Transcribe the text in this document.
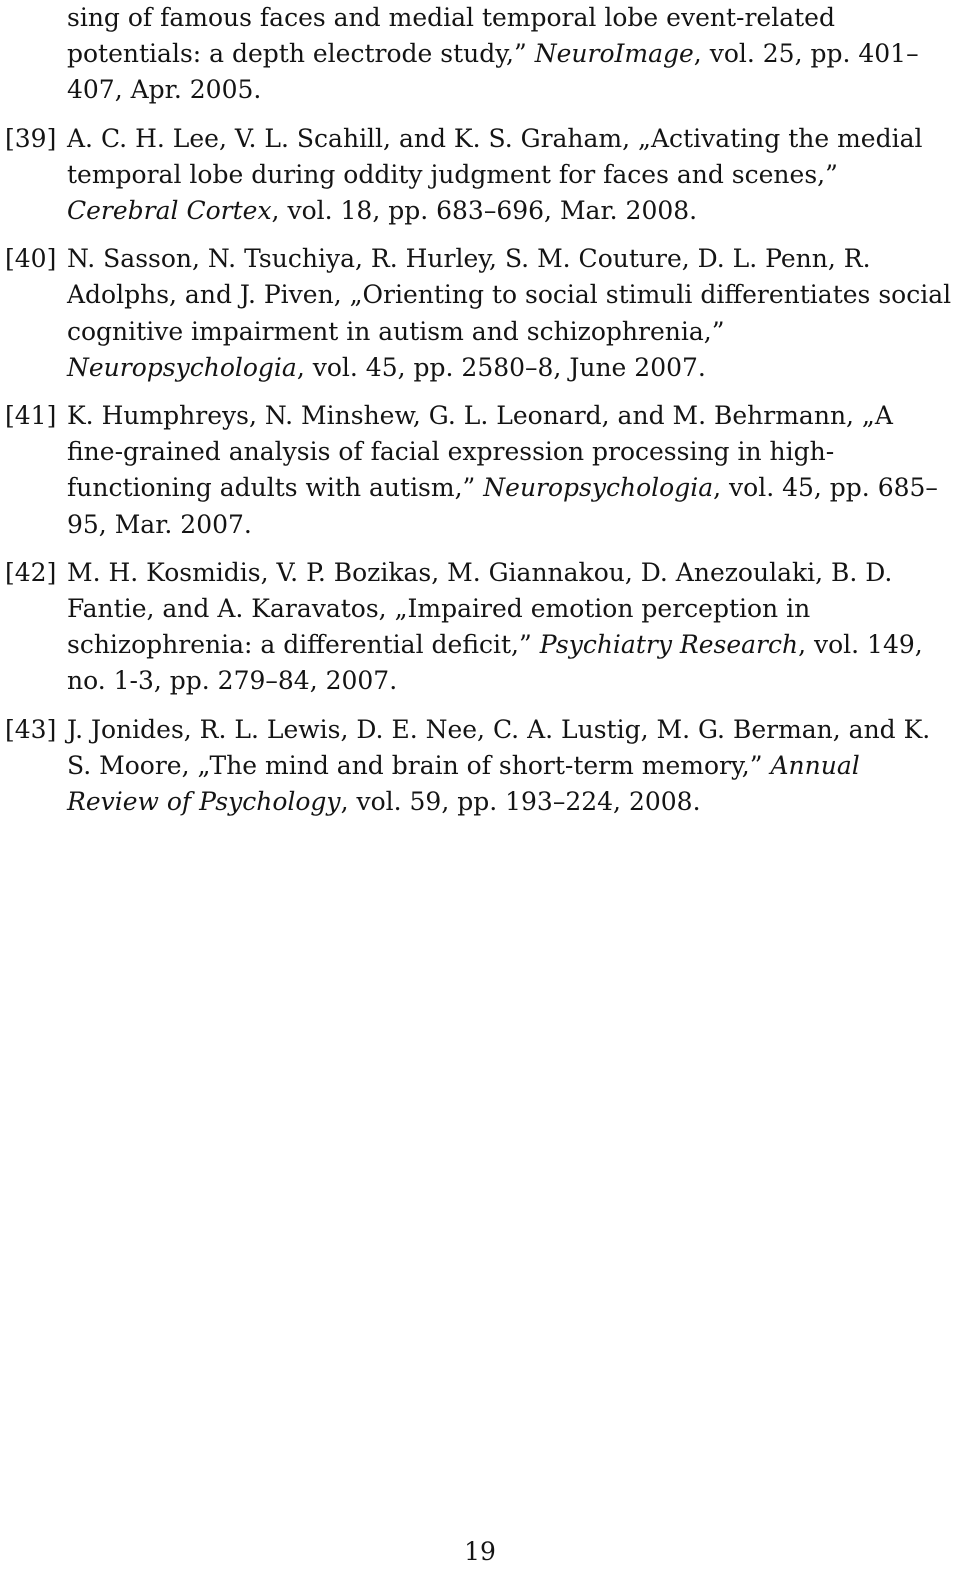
sing of famous faces and medial temporal lobe event-related potentials: a depth electrode study,” NeuroImage, vol. 25, pp. 401–407, Apr. 2005.
[39] A. C. H. Lee, V. L. Scahill, and K. S. Graham, „Activating the medial temporal lobe during oddity judgment for faces and scenes,” Cerebral Cortex, vol. 18, pp. 683–696, Mar. 2008.
[40] N. Sasson, N. Tsuchiya, R. Hurley, S. M. Couture, D. L. Penn, R. Adolphs, and J. Piven, „Orienting to social stimuli differentiates social cognitive impairment in autism and schizophrenia,” Neuropsychologia, vol. 45, pp. 2580–8, June 2007.
[41] K. Humphreys, N. Minshew, G. L. Leonard, and M. Behrmann, „A fine-grained analysis of facial expression processing in high-functioning adults with autism,” Neuropsychologia, vol. 45, pp. 685–95, Mar. 2007.
[42] M. H. Kosmidis, V. P. Bozikas, M. Giannakou, D. Anezoulaki, B. D. Fantie, and A. Karavatos, „Impaired emotion perception in schizophrenia: a differential deficit,” Psychiatry Research, vol. 149, no. 1-3, pp. 279–84, 2007.
[43] J. Jonides, R. L. Lewis, D. E. Nee, C. A. Lustig, M. G. Berman, and K. S. Moore, „The mind and brain of short-term memory,” Annual Review of Psychology, vol. 59, pp. 193–224, 2008.
19
